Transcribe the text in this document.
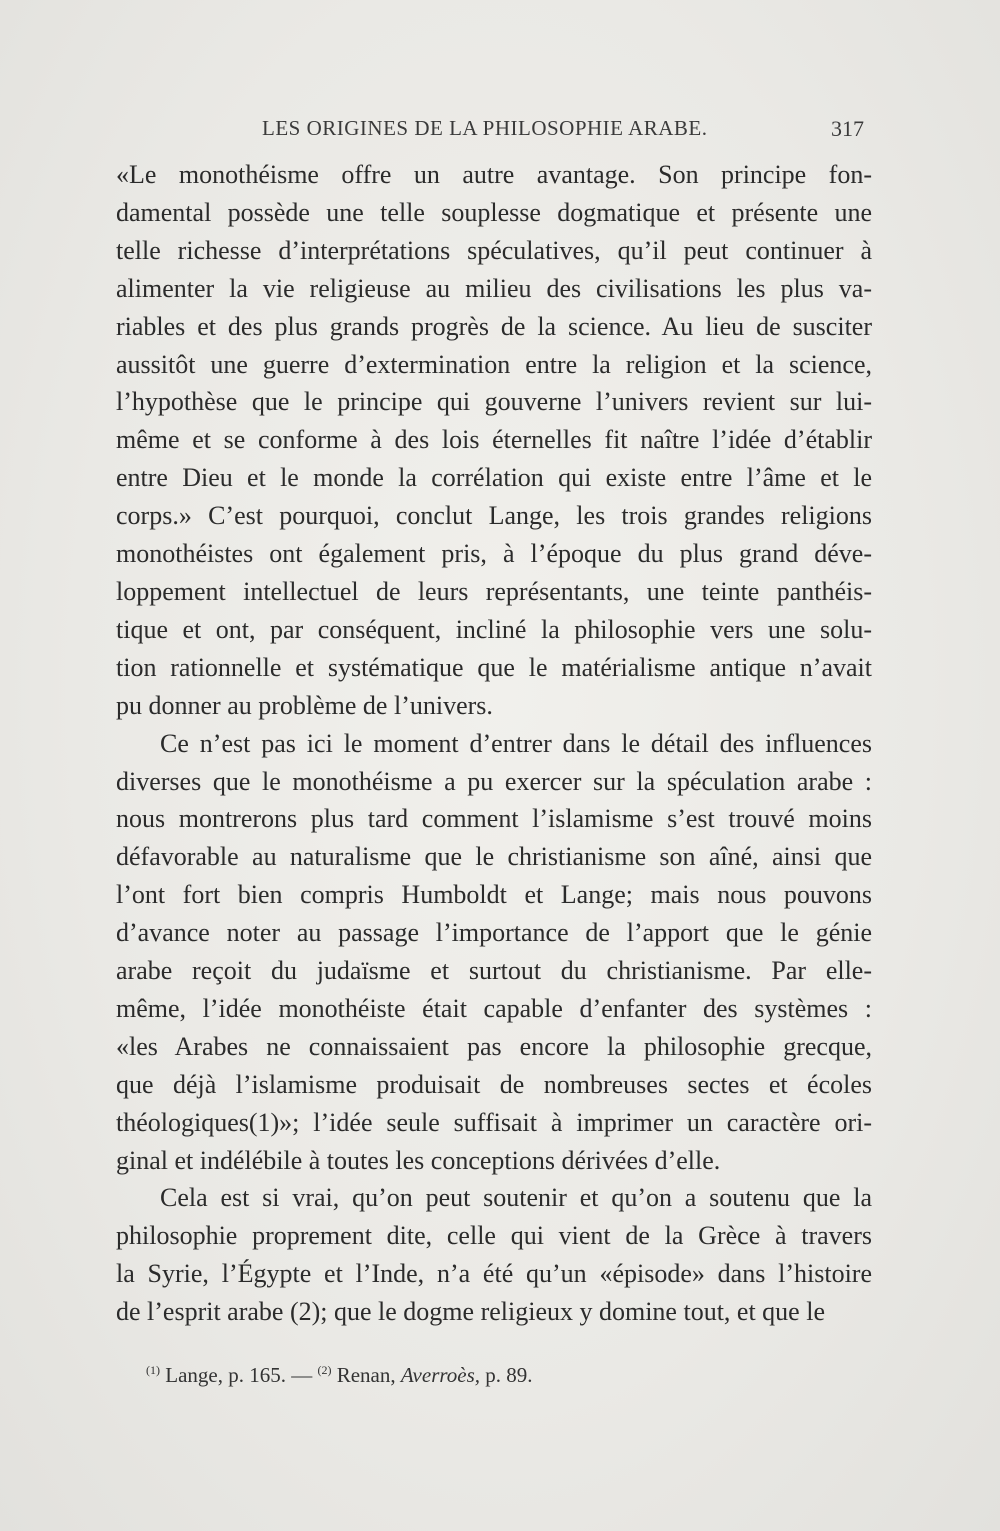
LES ORIGINES DE LA PHILOSOPHIE ARABE.	317

«Le monothéisme offre un autre avantage. Son principe fon-
damental possède une telle souplesse dogmatique et présente une
telle richesse d’interprétations spéculatives, qu’il peut continuer à
alimenter la vie religieuse au milieu des civilisations les plus va-
riables et des plus grands progrès de la science. Au lieu de susciter
aussitôt une guerre d’extermination entre la religion et la science,
l’hypothèse que le principe qui gouverne l’univers revient sur lui-
même et se conforme à des lois éternelles fit naître l’idée d’établir
entre Dieu et le monde la corrélation qui existe entre l’âme et le
corps.» C’est pourquoi, conclut Lange, les trois grandes religions
monothéistes ont également pris, à l’époque du plus grand déve-
loppement intellectuel de leurs représentants, une teinte panthéis-
tique et ont, par conséquent, incliné la philosophie vers une solu-
tion rationnelle et systématique que le matérialisme antique n’avait
pu donner au problème de l’univers.

Ce n’est pas ici le moment d’entrer dans le détail des influences
diverses que le monothéisme a pu exercer sur la spéculation arabe :
nous montrerons plus tard comment l’islamisme s’est trouvé moins
défavorable au naturalisme que le christianisme son aîné, ainsi que
l’ont fort bien compris Humboldt et Lange; mais nous pouvons
d’avance noter au passage l’importance de l’apport que le génie
arabe reçoit du judaïsme et surtout du christianisme. Par elle-
même, l’idée monothéiste était capable d’enfanter des systèmes :
«les Arabes ne connaissaient pas encore la philosophie grecque,
que déjà l’islamisme produisait de nombreuses sectes et écoles
théologiques(1)»; l’idée seule suffisait à imprimer un caractère ori-
ginal et indélébile à toutes les conceptions dérivées d’elle.

Cela est si vrai, qu’on peut soutenir et qu’on a soutenu que la
philosophie proprement dite, celle qui vient de la Grèce à travers
la Syrie, l’Égypte et l’Inde, n’a été qu’un «épisode» dans l’histoire
de l’esprit arabe (2); que le dogme religieux y domine tout, et que le

$^{(1)}$ Lange, p. 165. — $^{(2)}$ Renan, Averroès, p. 89.
